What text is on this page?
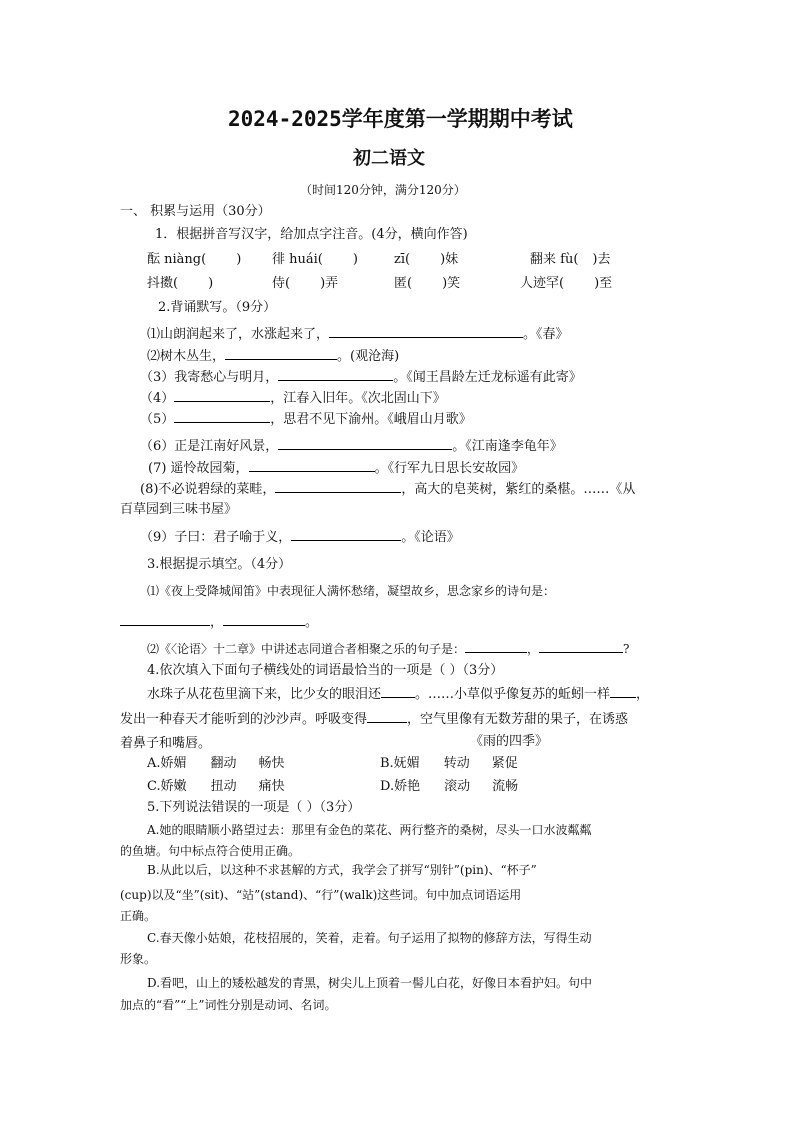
2024-2025学年度第一学期期中考试
初二语文
（时间120分钟，满分120分）
一、 积累与运用（30分）
1．根据拼音写汉字，给加点字注音。(4分，横向作答)
酝 niàng( ) 徘 huái( )	zī( )妹	翻来 fù( )去
抖擞( )	侍( )弄	匿( )笑	人迹罕( )至
2.背诵默写。（9分）
⑴山朗润起来了，水涨起来了，	。《春》
⑵树木丛生，	。(观沧海)
（3）我寄愁心与明月，	。《闻王昌龄左迁龙标遥有此寄》
（4）	，江春入旧年。《次北固山下》
（5）	，思君不见下渝州。《峨眉山月歌》
（6）正是江南好风景，	。《江南逢李龟年》
(7) 遥怜故园菊，	。《行军九日思长安故园》
(8)不必说碧绿的菜畦，	，高大的皂荚树，紫红的桑椹。……《从
百草园到三味书屋》
（9）子曰：君子喻于义，	。《论语》
3.根据提示填空。（4分）
⑴《夜上受降城闻笛》中表现征人满怀愁绪，凝望故乡，思念家乡的诗句是：
，	。
⑵《〈论语〉十二章》中讲述志同道合者相聚之乐的句子是：	，	?
4.依次填入下面句子横线处的词语最恰当的一项是（ ）（3分）
水珠子从花苞里滴下来，比少女的眼泪还	。……小草似乎像复苏的蚯蚓一样 ，
发出一种春天才能听到的沙沙声。呼吸变得	，空气里像有无数芳甜的果子，在诱惑
着鼻子和嘴唇。	《雨的四季》
A.娇媚 翻动 畅快	B.妩媚 转动 紧促
C.娇嫩 扭动 痛快	D.娇艳 滚动 流畅
5.下列说法错误的一项是（ ）（3分）
A.她的眼睛顺小路望过去：那里有金色的菜花、两行整齐的桑树，尽头一口水波粼粼
的鱼塘。句中标点符合使用正确。
B.从此以后，以这种不求甚解的方式，我学会了拼写“别针”(pin)、“杯子”
(cup)以及“坐”(sit)、“站”(stand)、“行”(walk)这些词。句中加点词语运用
正确。
C.春天像小姑娘，花枝招展的，笑着，走着。句子运用了拟物的修辞方法，写得生动
形象。
D.看吧，山上的矮松越发的青黑，树尖儿上顶着一髻儿白花，好像日本看护妇。句中
加点的“看”“上”词性分别是动词、名词。
